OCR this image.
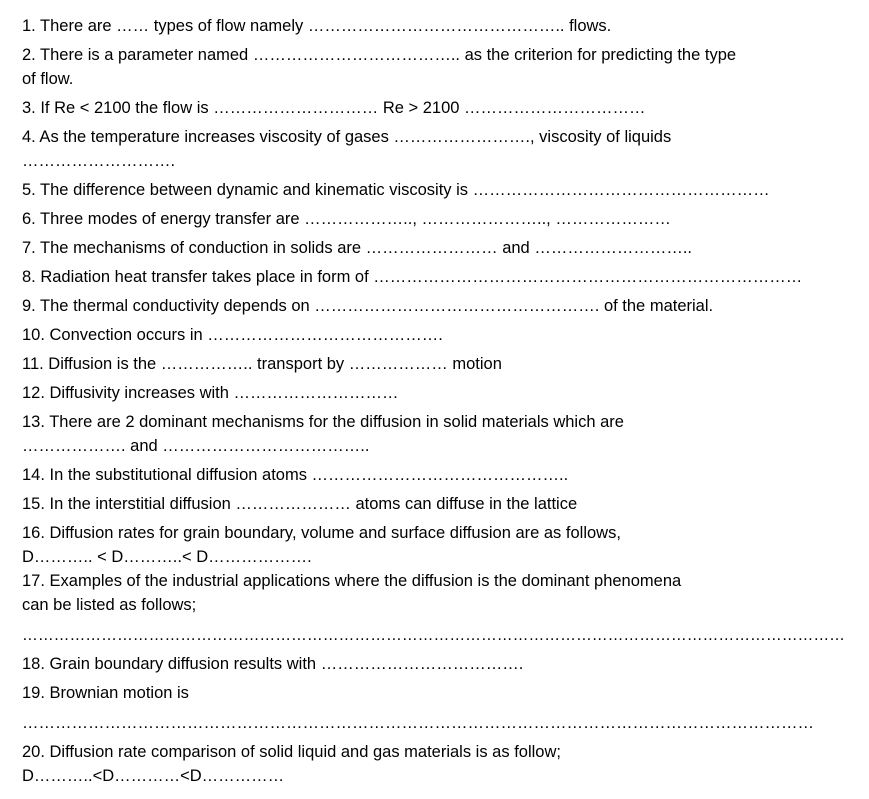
1. There are …… types of flow namely ……………………………………….. flows.
2. There is a parameter named ……………………………….. as the criterion for predicting the type
of flow.
3. If Re < 2100 the flow is ………………………… Re > 2100 ……………………………
4. As the temperature increases viscosity of gases ……………………., viscosity of liquids
……………………….
5. The difference between dynamic and kinematic viscosity is ………………………………………………
6. Three modes of energy transfer are ……………….., ………………….., …………………
7. The mechanisms of conduction in solids are …………………… and ………………………..
8. Radiation heat transfer takes place in form of ……………………………………………………………………
9. The thermal conductivity depends on ……………………………………………. of the material.
10. Convection occurs in …………………………………….
11. Diffusion is the …………….. transport by ……………… motion
12. Diffusivity increases with …………………………
13. There are 2 dominant mechanisms for the diffusion in solid materials which are
………………. and ………………………………..
14. In the substitutional diffusion atoms ………………………………………..
15. In the interstitial diffusion ………………… atoms can diffuse in the lattice
16. Diffusion rates for grain boundary, volume and surface diffusion are as follows,
D……….. < D………..< D……………….
17. Examples of the industrial applications where the diffusion is the dominant phenomena
can be listed as follows;
…………………………………………………………………………………………………………………………………………
18. Grain boundary diffusion results with ……………………………….
19. Brownian motion is
………………………………………………………………………………………………………………………………
20. Diffusion rate comparison of solid liquid and gas materials is as follow;
D………..<D…………<D……………
